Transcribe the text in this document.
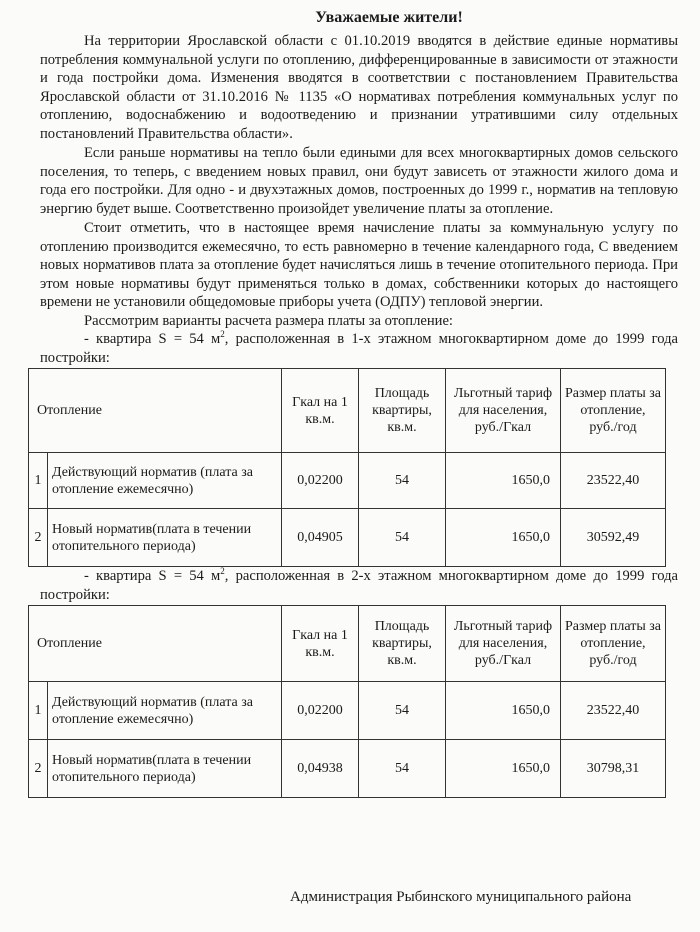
Уважаемые жители!

На территории Ярославской области с 01.10.2019 вводятся в действие единые нормативы потребления коммунальной услуги по отоплению, дифференцированные в зависимости от этажности и года постройки дома. Изменения вводятся в соответствии с постановлением Правительства Ярославской области от 31.10.2016 № 1135 «О нормативах потребления коммунальных услуг по отоплению, водоснабжению и водоотведению и признании утратившими силу отдельных постановлений Правительства области».

Если раньше нормативы на тепло были едиными для всех многоквартирных домов сельского поселения, то теперь, с введением новых правил, они будут зависеть от этажности жилого дома и года его постройки. Для одно - и двухэтажных домов, построенных до 1999 г., норматив на тепловую энергию будет выше. Соответственно произойдет увеличение платы за отопление.

Стоит отметить, что в настоящее время начисление платы за коммунальную услугу по отоплению производится ежемесячно, то есть равномерно в течение календарного года, С введением новых нормативов плата за отопление будет начисляться лишь в течение отопительного периода. При этом новые нормативы будут применяться только в домах, собственники которых до настоящего времени не установили общедомовые приборы учета (ОДПУ) тепловой энергии.

Рассмотрим варианты расчета размера платы за отопление:

- квартира S = 54 $м^2$, расположенная в 1-х этажном многоквартирном доме до 1999 года постройки:

Отопление		Гкал на 1 кв.м.	Площадь квартиры, кв.м.	Льготный тариф для населения, руб./Гкал	Размер платы за отопление, руб./год
1	Действующий норматив (плата за отопление ежемесячно)	0,02200	54	1650,0	23522,40
2	Новый норматив(плата в течении отопительного периода)	0,04905	54	1650,0	30592,49

- квартира S = 54 $м^2$, расположенная в 2-х этажном многоквартирном доме до 1999 года постройки:

Отопление		Гкал на 1 кв.м.	Площадь квартиры, кв.м.	Льготный тариф для населения, руб./Гкал	Размер платы за отопление, руб./год
1	Действующий норматив (плата за отопление ежемесячно)	0,02200	54	1650,0	23522,40
2	Новый норматив(плата в течении отопительного периода)	0,04938	54	1650,0	30798,31
Администрация Рыбинского муниципального района
